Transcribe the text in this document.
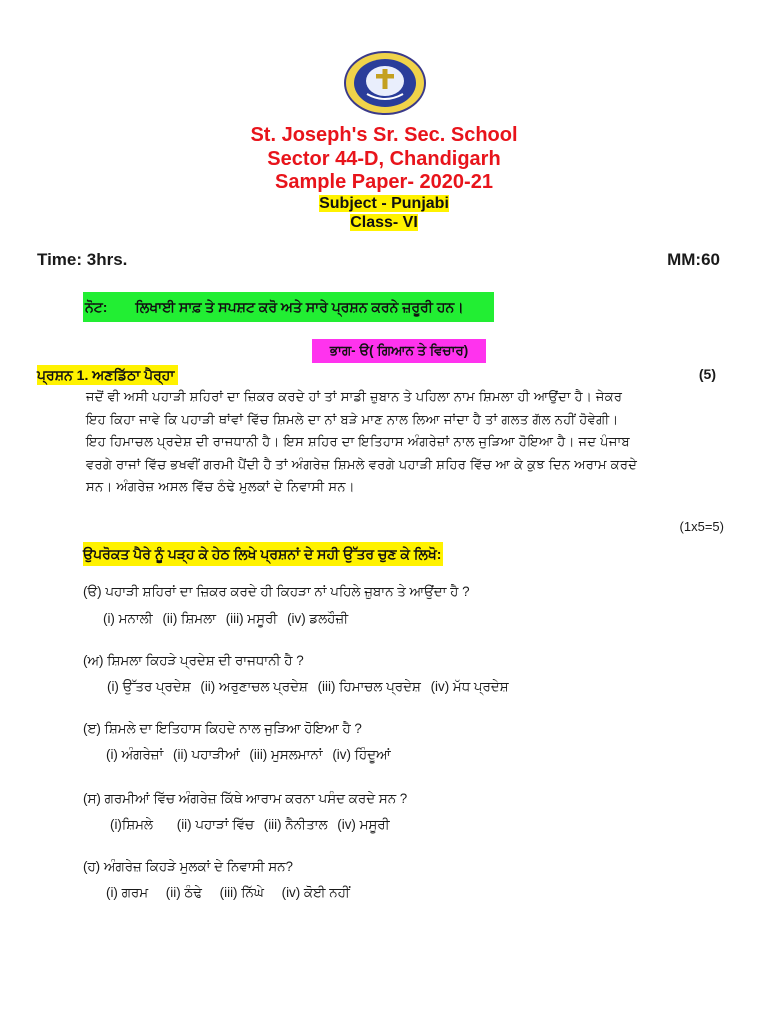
St. Joseph's Sr. Sec. School
Sector 44-D, Chandigarh
Sample Paper- 2020-21
Subject - Punjabi
Class- VI
Time: 3hrs.	MM:60
ਨੋਟ: ਲਿਖਾਈ ਸਾਫ਼ ਤੇ ਸਪਸ਼ਟ ਕਰੋ ਅਤੇ ਸਾਰੇ ਪ੍ਰਸ਼ਨ ਕਰਨੇ ਜ਼ਰੂਰੀ ਹਨ।
ਭਾਗ- ੳ( ਗਿਆਨ ਤੇ ਵਿਚਾਰ)
ਪ੍ਰਸ਼ਨ 1. ਅਣਡਿੱਠਾ ਪੈਰ੍ਹਾ	(5)
ਜਦੋਂ ਵੀ ਅਸੀ ਪਹਾੜੀ ਸ਼ਹਿਰਾਂ ਦਾ ਜ਼ਿਕਰ ਕਰਦੇ ਹਾਂ ਤਾਂ ਸਾਡੀ ਜ਼ੁਬਾਨ ਤੇ ਪਹਿਲਾ ਨਾਮ ਸ਼ਿਮਲਾ ਹੀ ਆਉਂਦਾ ਹੈ। ਜੇਕਰ
ਇਹ ਕਿਹਾ ਜਾਵੇ ਕਿ ਪਹਾੜੀ ਥਾਂਵਾਂ ਵਿੱਚ ਸ਼ਿਮਲੇ ਦਾ ਨਾਂ ਬੜੇ ਮਾਣ ਨਾਲ ਲਿਆ ਜਾਂਦਾ ਹੈ ਤਾਂ ਗਲਤ ਗੱਲ ਨਹੀਂ ਹੋਵੇਗੀ।
ਇਹ ਹਿਮਾਚਲ ਪ੍ਰਦੇਸ਼ ਦੀ ਰਾਜਧਾਨੀ ਹੈ। ਇਸ ਸ਼ਹਿਰ ਦਾ ਇਤਿਹਾਸ ਅੰਗਰੇਜ਼ਾਂ ਨਾਲ ਜੁੜਿਆ ਹੋਇਆ ਹੈ। ਜਦ ਪੰਜਾਬ
ਵਰਗੇ ਰਾਜਾਂ ਵਿੱਚ ਭਖਵੀਂ ਗਰਮੀ ਪੈਂਦੀ ਹੈ ਤਾਂ ਅੰਗਰੇਜ਼ ਸ਼ਿਮਲੇ ਵਰਗੇ ਪਹਾੜੀ ਸ਼ਹਿਰ ਵਿੱਚ ਆ ਕੇ ਕੁਝ ਦਿਨ ਅਰਾਮ ਕਰਦੇ
ਸਨ। ਅੰਗਰੇਜ਼ ਅਸਲ ਵਿੱਚ ਠੰਢੇ ਮੁਲਕਾਂ ਦੇ ਨਿਵਾਸੀ ਸਨ।
(1x5=5)
ਉਪਰੋਕਤ ਪੈਰੇ ਨੂੰ ਪੜ੍ਹ ਕੇ ਹੇਠ ਲਿਖੇ ਪ੍ਰਸ਼ਨਾਂ ਦੇ ਸਹੀ ਉੱਤਰ ਚੁਣ ਕੇ ਲਿਖੋ:
(ੳ) ਪਹਾੜੀ ਸ਼ਹਿਰਾਂ ਦਾ ਜ਼ਿਕਰ ਕਰਦੇ ਹੀ ਕਿਹੜਾ ਨਾਂ ਪਹਿਲੇ ਜ਼ੁਬਾਨ ਤੇ ਆਉਂਦਾ ਹੈ ?
(i) ਮਨਾਲੀ (ii) ਸ਼ਿਮਲਾ (iii) ਮਸੂਰੀ (iv) ਡਲਹੌਜ਼ੀ
(ਅ) ਸ਼ਿਮਲਾ ਕਿਹੜੇ ਪ੍ਰਦੇਸ਼ ਦੀ ਰਾਜਧਾਨੀ ਹੈ ?
(i) ਉੱਤਰ ਪ੍ਰਦੇਸ਼ (ii) ਅਰੁਣਾਚਲ ਪ੍ਰਦੇਸ਼ (iii) ਹਿਮਾਚਲ ਪ੍ਰਦੇਸ਼ (iv) ਮੱਧ ਪ੍ਰਦੇਸ਼
(ੲ) ਸ਼ਿਮਲੇ ਦਾ ਇਤਿਹਾਸ ਕਿਹਦੇ ਨਾਲ ਜੁੜਿਆ ਹੋਇਆ ਹੈ ?
(i) ਅੰਗਰੇਜ਼ਾਂ (ii) ਪਹਾੜੀਆਂ (iii) ਮੁਸਲਮਾਨਾਂ (iv) ਹਿੰਦੂਆਂ
(ਸ) ਗਰਮੀਆਂ ਵਿੱਚ ਅੰਗਰੇਜ਼ ਕਿੱਥੇ ਆਰਾਮ ਕਰਨਾ ਪਸੰਦ ਕਰਦੇ ਸਨ ?
(i)ਸ਼ਿਮਲੇ (ii) ਪਹਾੜਾਂ ਵਿੱਚ (iii) ਨੈਨੀਤਾਲ (iv) ਮਸੂਰੀ
(ਹ) ਅੰਗਰੇਜ਼ ਕਿਹੜੇ ਮੁਲਕਾਂ ਦੇ ਨਿਵਾਸੀ ਸਨ?
(i) ਗਰਮ (ii) ਠੰਢੇ (iii) ਨਿੱਘੇ (iv) ਕੋਈ ਨਹੀਂ
